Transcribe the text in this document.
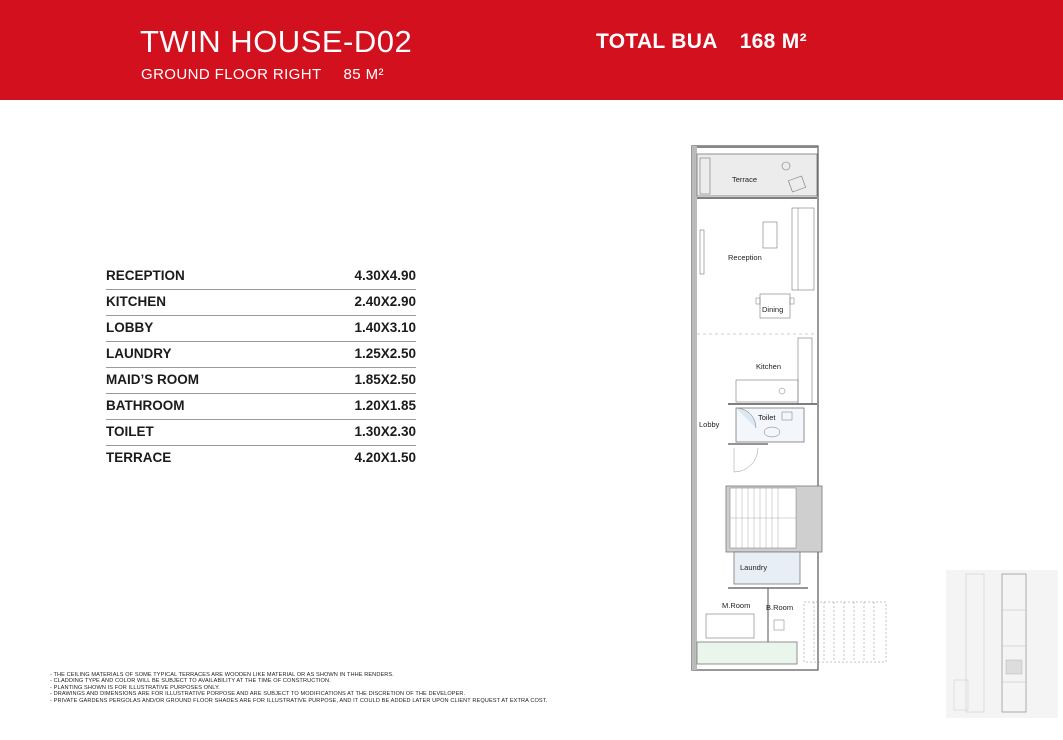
TWIN HOUSE-D02
GROUND FLOOR RIGHT 85 M²
TOTAL BUA 168 M²
RECEPTION	4.30X4.90
KITCHEN	2.40X2.90
LOBBY	1.40X3.10
LAUNDRY	1.25X2.50
MAID’S ROOM	1.85X2.50
BATHROOM	1.20X1.85
TOILET	1.30X2.30
TERRACE	4.20X1.50
Terrace
Reception
Dining
Kitchen
Toilet
Lobby
Laundry
M.Room B.Room
- THE CEILING MATERIALS OF SOME TYPICAL TERRACES ARE WOODEN LIKE MATERIAL OR AS SHOWN IN THHE RENDERS.
- CLADDING TYPE AND COLOR WILL BE SUBJECT TO AVAILABILITY AT THE TIME OF CONSTRUCTION.
- PLANTING SHOWN IS FOR ILLUSTRATIVE PURPOSES ONLY.
- DRAWINGS AND DIMENSIONS ARE FOR ILLUSTRATIVE PORPOSE AND ARE SUBJECT TO MODIFICATIONS AT THE DISCRETION OF THE DEVELOPER.
- PRIVATE GARDENS PERGOLAS AND/OR GROUND FLOOR SHADES ARE FOR ILLUSTRATIVE PURPOSE, AND IT COULD BE ADDED LATER UPON CLIENT REQUEST AT EXTRA COST.
